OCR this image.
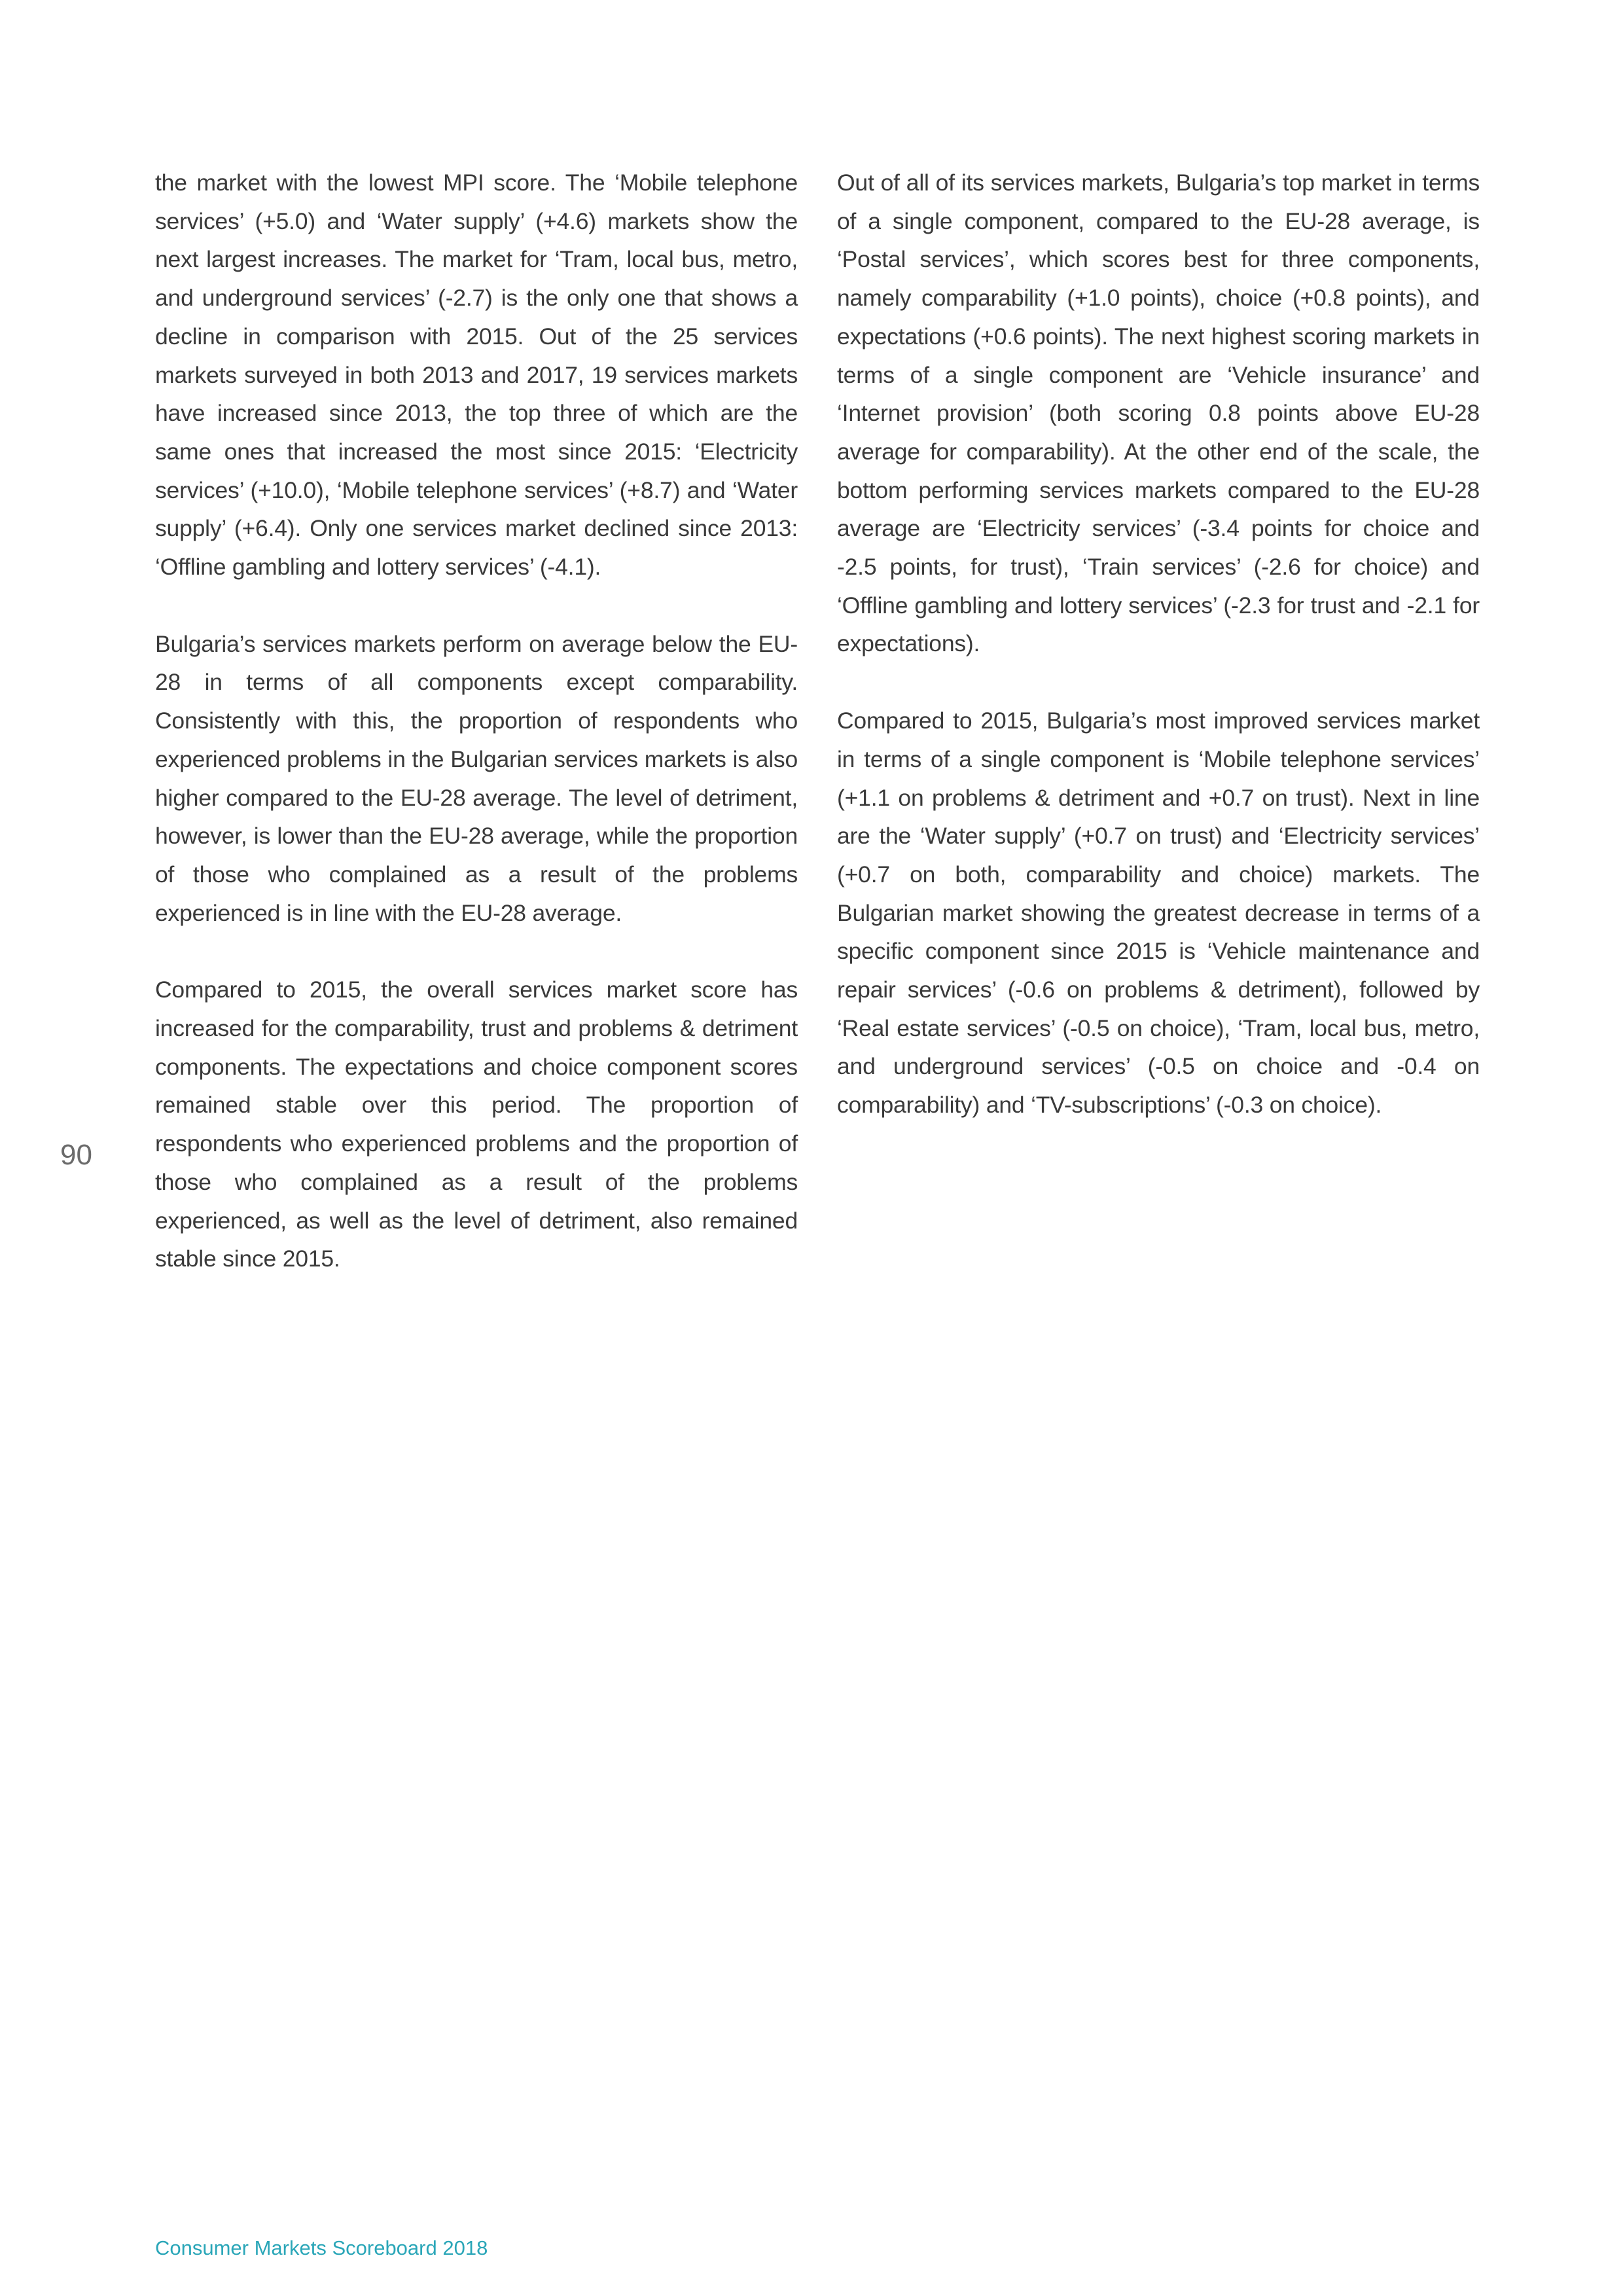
the market with the lowest MPI score. The ‘Mobile telephone services’ (+5.0) and ‘Water supply’ (+4.6) markets show the next largest increases. The market for ‘Tram, local bus, metro, and underground services’ (-2.7) is the only one that shows a decline in comparison with 2015. Out of the 25 services markets surveyed in both 2013 and 2017, 19 services markets have increased since 2013, the top three of which are the same ones that increased the most since 2015: ‘Electricity services’ (+10.0), ‘Mobile telephone services’ (+8.7) and ‘Water supply’ (+6.4). Only one services market declined since 2013: ‘Offline gambling and lottery services’ (-4.1).

Bulgaria’s services markets perform on average below the EU-28 in terms of all components except comparability. Consistently with this, the proportion of respondents who experienced problems in the Bulgarian services markets is also higher compared to the EU-28 average. The level of detriment, however, is lower than the EU-28 average, while the proportion of those who complained as a result of the problems experienced is in line with the EU-28 average.

Compared to 2015, the overall services market score has increased for the comparability, trust and problems & detriment components. The expectations and choice component scores remained stable over this period. The proportion of respondents who experienced problems and the proportion of those who complained as a result of the problems experienced, as well as the level of detriment, also remained stable since 2015.

Out of all of its services markets, Bulgaria’s top market in terms of a single component, compared to the EU-28 average, is ‘Postal services’, which scores best for three components, namely comparability (+1.0 points), choice (+0.8 points), and expectations (+0.6 points). The next highest scoring markets in terms of a single component are ‘Vehicle insurance’ and ‘Internet provision’ (both scoring 0.8 points above EU-28 average for comparability). At the other end of the scale, the bottom performing services markets compared to the EU-28 average are ‘Electricity services’ (-3.4 points for choice and -2.5 points, for trust), ‘Train services’ (-2.6 for choice) and ‘Offline gambling and lottery services’ (-2.3 for trust and -2.1 for expectations).

Compared to 2015, Bulgaria’s most improved services market in terms of a single component is ‘Mobile telephone services’ (+1.1 on problems & detriment and +0.7 on trust). Next in line are the ‘Water supply’ (+0.7 on trust) and ‘Electricity services’ (+0.7 on both, comparability and choice) markets. The Bulgarian market showing the greatest decrease in terms of a specific component since 2015 is ‘Vehicle maintenance and repair services’ (-0.6 on problems & detriment), followed by ‘Real estate services’ (-0.5 on choice), ‘Tram, local bus, metro, and underground services’ (-0.5 on choice and -0.4 on comparability) and ‘TV-subscriptions’ (-0.3 on choice).

90
Consumer Markets Scoreboard 2018
